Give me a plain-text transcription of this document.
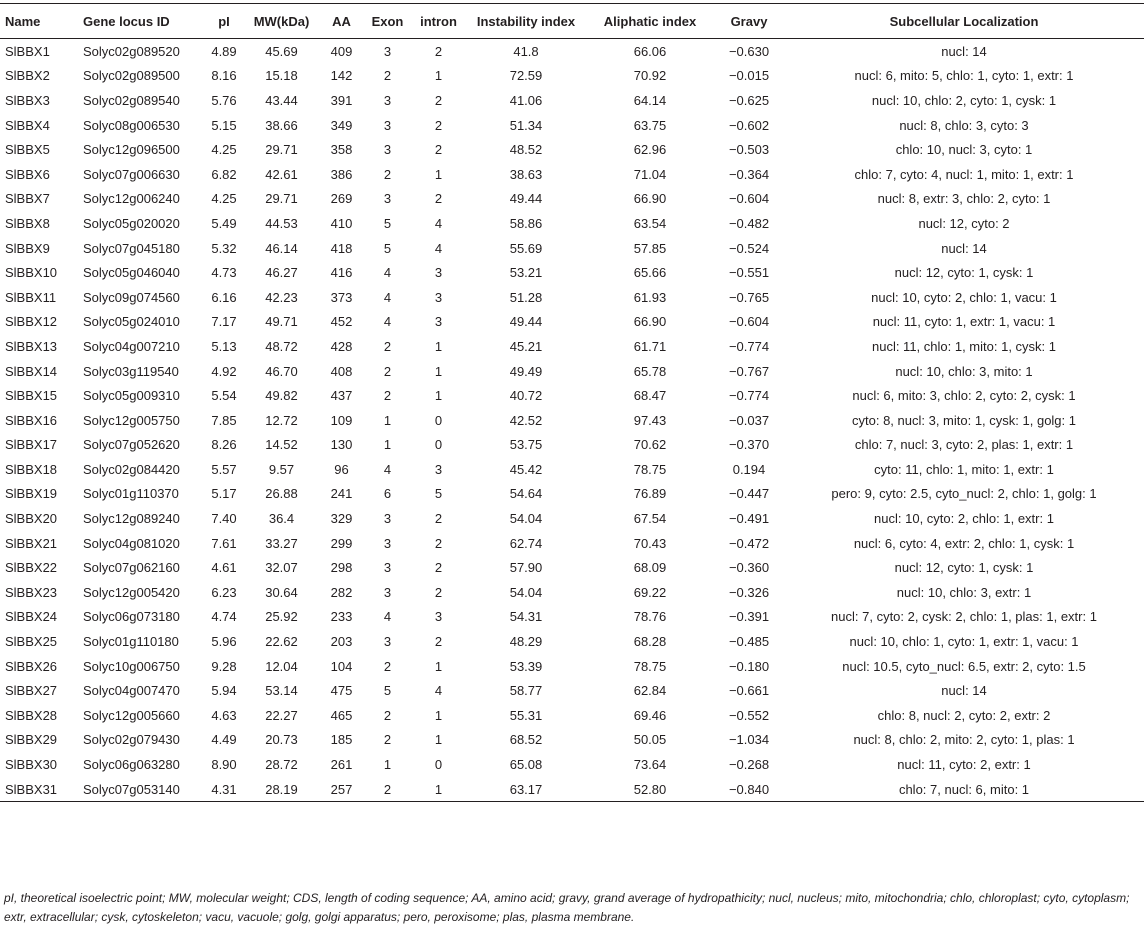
Name	Gene locus ID	pI	MW(kDa)	AA	Exon	intron	Instability index	Aliphatic index	Gravy	Subcellular Localization
SlBBX1	Solyc02g089520	4.89	45.69	409	3	2	41.8	66.06	−0.630	nucl: 14
SlBBX2	Solyc02g089500	8.16	15.18	142	2	1	72.59	70.92	−0.015	nucl: 6, mito: 5, chlo: 1, cyto: 1, extr: 1
SlBBX3	Solyc02g089540	5.76	43.44	391	3	2	41.06	64.14	−0.625	nucl: 10, chlo: 2, cyto: 1, cysk: 1
SlBBX4	Solyc08g006530	5.15	38.66	349	3	2	51.34	63.75	−0.602	nucl: 8, chlo: 3, cyto: 3
SlBBX5	Solyc12g096500	4.25	29.71	358	3	2	48.52	62.96	−0.503	chlo: 10, nucl: 3, cyto: 1
SlBBX6	Solyc07g006630	6.82	42.61	386	2	1	38.63	71.04	−0.364	chlo: 7, cyto: 4, nucl: 1, mito: 1, extr: 1
SlBBX7	Solyc12g006240	4.25	29.71	269	3	2	49.44	66.90	−0.604	nucl: 8, extr: 3, chlo: 2, cyto: 1
SlBBX8	Solyc05g020020	5.49	44.53	410	5	4	58.86	63.54	−0.482	nucl: 12, cyto: 2
SlBBX9	Solyc07g045180	5.32	46.14	418	5	4	55.69	57.85	−0.524	nucl: 14
SlBBX10	Solyc05g046040	4.73	46.27	416	4	3	53.21	65.66	−0.551	nucl: 12, cyto: 1, cysk: 1
SlBBX11	Solyc09g074560	6.16	42.23	373	4	3	51.28	61.93	−0.765	nucl: 10, cyto: 2, chlo: 1, vacu: 1
SlBBX12	Solyc05g024010	7.17	49.71	452	4	3	49.44	66.90	−0.604	nucl: 11, cyto: 1, extr: 1, vacu: 1
SlBBX13	Solyc04g007210	5.13	48.72	428	2	1	45.21	61.71	−0.774	nucl: 11, chlo: 1, mito: 1, cysk: 1
SlBBX14	Solyc03g119540	4.92	46.70	408	2	1	49.49	65.78	−0.767	nucl: 10, chlo: 3, mito: 1
SlBBX15	Solyc05g009310	5.54	49.82	437	2	1	40.72	68.47	−0.774	nucl: 6, mito: 3, chlo: 2, cyto: 2, cysk: 1
SlBBX16	Solyc12g005750	7.85	12.72	109	1	0	42.52	97.43	−0.037	cyto: 8, nucl: 3, mito: 1, cysk: 1, golg: 1
SlBBX17	Solyc07g052620	8.26	14.52	130	1	0	53.75	70.62	−0.370	chlo: 7, nucl: 3, cyto: 2, plas: 1, extr: 1
SlBBX18	Solyc02g084420	5.57	9.57	96	4	3	45.42	78.75	0.194	cyto: 11, chlo: 1, mito: 1, extr: 1
SlBBX19	Solyc01g110370	5.17	26.88	241	6	5	54.64	76.89	−0.447	pero: 9, cyto: 2.5, cyto_nucl: 2, chlo: 1, golg: 1
SlBBX20	Solyc12g089240	7.40	36.4	329	3	2	54.04	67.54	−0.491	nucl: 10, cyto: 2, chlo: 1, extr: 1
SlBBX21	Solyc04g081020	7.61	33.27	299	3	2	62.74	70.43	−0.472	nucl: 6, cyto: 4, extr: 2, chlo: 1, cysk: 1
SlBBX22	Solyc07g062160	4.61	32.07	298	3	2	57.90	68.09	−0.360	nucl: 12, cyto: 1, cysk: 1
SlBBX23	Solyc12g005420	6.23	30.64	282	3	2	54.04	69.22	−0.326	nucl: 10, chlo: 3, extr: 1
SlBBX24	Solyc06g073180	4.74	25.92	233	4	3	54.31	78.76	−0.391	nucl: 7, cyto: 2, cysk: 2, chlo: 1, plas: 1, extr: 1
SlBBX25	Solyc01g110180	5.96	22.62	203	3	2	48.29	68.28	−0.485	nucl: 10, chlo: 1, cyto: 1, extr: 1, vacu: 1
SlBBX26	Solyc10g006750	9.28	12.04	104	2	1	53.39	78.75	−0.180	nucl: 10.5, cyto_nucl: 6.5, extr: 2, cyto: 1.5
SlBBX27	Solyc04g007470	5.94	53.14	475	5	4	58.77	62.84	−0.661	nucl: 14
SlBBX28	Solyc12g005660	4.63	22.27	465	2	1	55.31	69.46	−0.552	chlo: 8, nucl: 2, cyto: 2, extr: 2
SlBBX29	Solyc02g079430	4.49	20.73	185	2	1	68.52	50.05	−1.034	nucl: 8, chlo: 2, mito: 2, cyto: 1, plas: 1
SlBBX30	Solyc06g063280	8.90	28.72	261	1	0	65.08	73.64	−0.268	nucl: 11, cyto: 2, extr: 1
SlBBX31	Solyc07g053140	4.31	28.19	257	2	1	63.17	52.80	−0.840	chlo: 7, nucl: 6, mito: 1
pI, theoretical isoelectric point; MW, molecular weight; CDS, length of coding sequence; AA, amino acid; gravy, grand average of hydropathicity; nucl, nucleus; mito, mitochondria; chlo, chloroplast; cyto, cytoplasm; extr, extracellular; cysk, cytoskeleton; vacu, vacuole; golg, golgi apparatus; pero, peroxisome; plas, plasma membrane.
